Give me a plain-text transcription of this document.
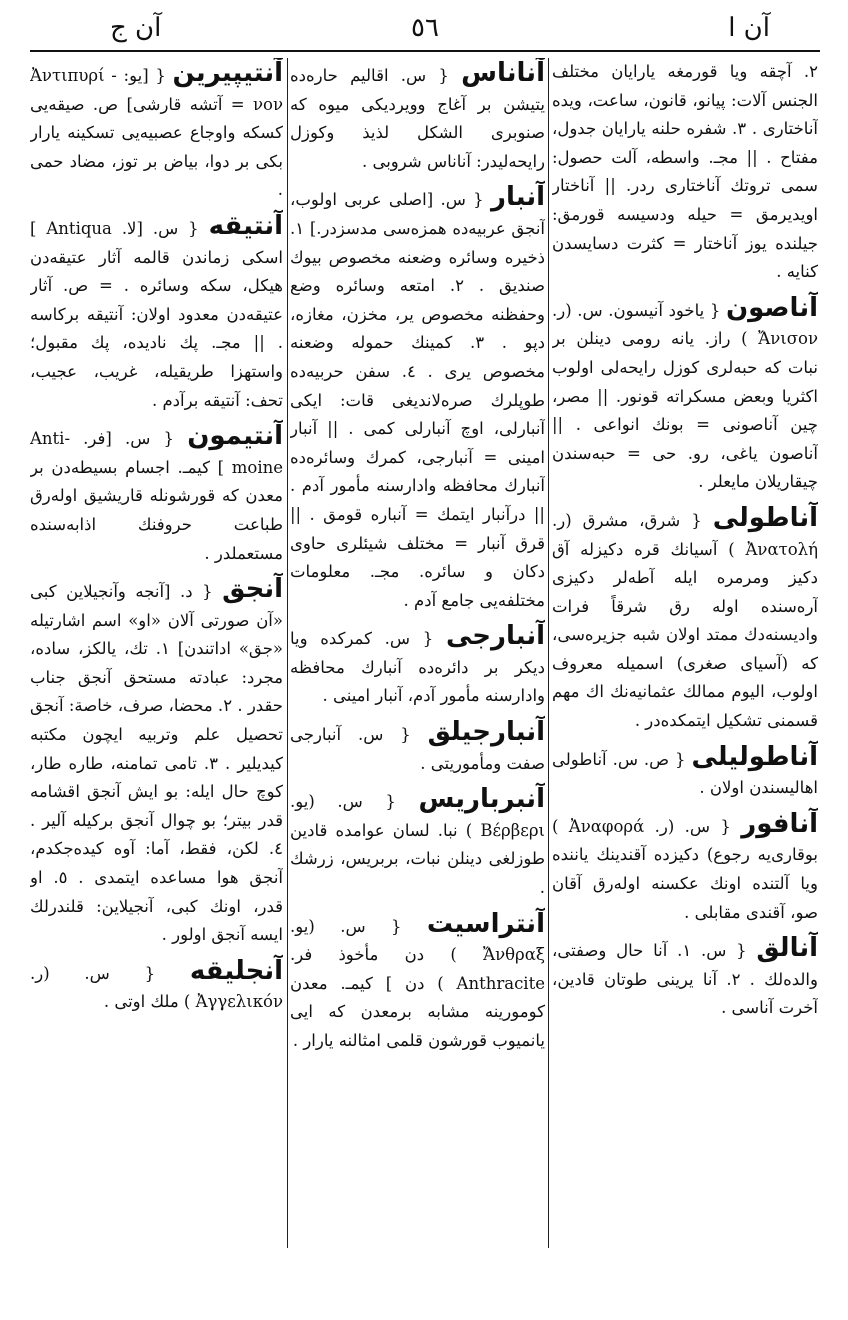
آن ا
٥٦
آن ج

۲. آچقه ویا قورمغه یارایان مختلف الجنس آلات: پیانو، قانون، ساعت، ویده آناختاری . ۳. شفره حلنه یارایان جدول، مفتاح . || مجـ. واسطه، آلت حصول: سمی تروتك آناختاری ردر. || آناختار اویدیرمق = حیله ودسیسه قورمق: جیلنده یوز آناختار = کثرت دسایسدن کنایه .

آناصون { یاخود آنیسون. س. (ر. Ἄνισον ) راز. یانه رومی دینلن بر نبات که حبه‌لری کوزل رایحه‌لی اولوب اکثریا وبعض مسکراته قونور. || مصر، چین آناصونی = بونك انواعی . || آناصون یاغی، رو. حی = حبه‌سندن چیقاریلان مایعلر .

آناطولی { شرق، مشرق (ر. Ἀνατολή ) آسیانك قره دکیزله آق دکیز ومرمره ایله آطه‌لر دکیزی آره‌سنده اوله رق شرقاً فرات وادیسنه‌دك ممتد اولان شبه جزیره‌سی، که (آسیای صغری) اسمیله معروف اولوب، الیوم ممالك عثمانیه‌نك اك مهم قسمنی تشکیل ایتمکده‌در .

آناطولیلی { ص. س. آناطولی اهالیسندن اولان .

آنافور { س. (ر. Ἀναφορά ) بوقاری‌یه رجوع) دکیزده آقندینك یاننده ویا آلتنده اونك عکسنه اوله‌رق آقان صو، آقندی مقابلی .

آنالق { س. ۱. آنا حال وصفتی، والده‌لك . ۲. آنا یرینی طوتان قادین، آخرت آناسی .

آناناس { س. اقالیم حاره‌ده یتیشن بر آغاج وویردیکی میوه که صنوبری الشکل لذیذ وکوزل رایحه‌لیدر: آناناس شروبی .

آنبار { س. [اصلی عربی اولوب، آنجق عربیه‌ده همزه‌سی مدسزدر.] ۱. ذخیره وسائره وضعنه مخصوص بیوك صندیق . ۲. امتعه وسائره وضع وحفظنه مخصوص یر، مخزن، مغازه، دپو . ۳. کمینك حموله وضعنه مخصوص یری . ٤. سفن حربیه‌ده طوپلرك صره‌لاندیغی قات: ایکی آنبارلی، اوچ آنبارلی کمی . || آنبار امینی = آنبارجی، کمرك وسائره‌ده آنبارك محافظه وادارسنه مأمور آدم . || درآنبار ایتمك = آنباره قومق . || قرق آنبار = مختلف شیئلری حاوی دکان و سائره. مجـ. معلومات مختلفه‌یی جامع آدم .

آنبارجی { س. کمرکده ویا دیکر بر دائره‌ده آنبارك محافظه وادارسنه مأمور آدم، آنبار امینی .

آنبارجیلق { س. آنبارجی صفت ومأموریتی .

آنبرباریس { س. (یو. Βέρβερι ) نبا. لسان عوامده قادین طوزلغی دینلن نبات، بربریس، زرشك .

آنتراسیت { س. (یو. Ἄνθραξ ) دن مأخوذ فر. Anthracite ) دن ] کیمـ. معدن کومورینه مشابه برمعدن که ایی یانمیوب قورشون قلمی امثالنه یارار .

آنتیپیرین { [یو: Ἀντιπυρί - νον = آتشه قارشی] ص. صیقه‌یی کسکه واوجاع عصبیه‌یی تسکینه یارار بکی بر دوا، بیاض بر توز، مضاد حمی .

آنتیقه { س. [لا. Antiqua ] اسکی زماندن قالمه آثار عتیقه‌دن هیکل، سکه وسائره . = ص. آثار عتیقه‌دن معدود اولان: آنتیقه برکاسه . || مجـ. پك نادیده، پك مقبول؛ واستهزا طریقیله، غریب، عجیب، تحف: آنتیقه برآدم .

آنتیمون { س. [فر. Anti-moine ] کیمـ. اجسام بسیطه‌دن بر معدن که قورشونله قاریشیق اوله‌رق طباعت حروفنك اذابه‌سنده مستعملدر .

آنجق { د. [آنجه وآنجیلاین کبی «آن صورتی آلان «او» اسم اشارتیله «جق» اداتندن] ۱. تك، یالکز، ساده، مجرد: عبادته مستحق آنجق جناب حقدر . ۲. محضا، صرف، خاصة: آنجق تحصیل علم وتربیه ایچون مکتبه کیدیلیر . ۳. تامی تمامنه، طاره طار، کوچ حال ایله: بو ایش آنجق اقشامه قدر بیتر؛ بو چوال آنجق برکیله آلیر . ٤. لکن، فقط، آما: آوه کیده‌جکدم، آنجق هوا مساعده ایتمدی . ٥. او قدر، اونك کبی، آنجیلاین: قلندرلك ایسه آنجق اولور .

آنجلیقه { س. (ر. Ἀγγελικόν ) ملك اوتی .
